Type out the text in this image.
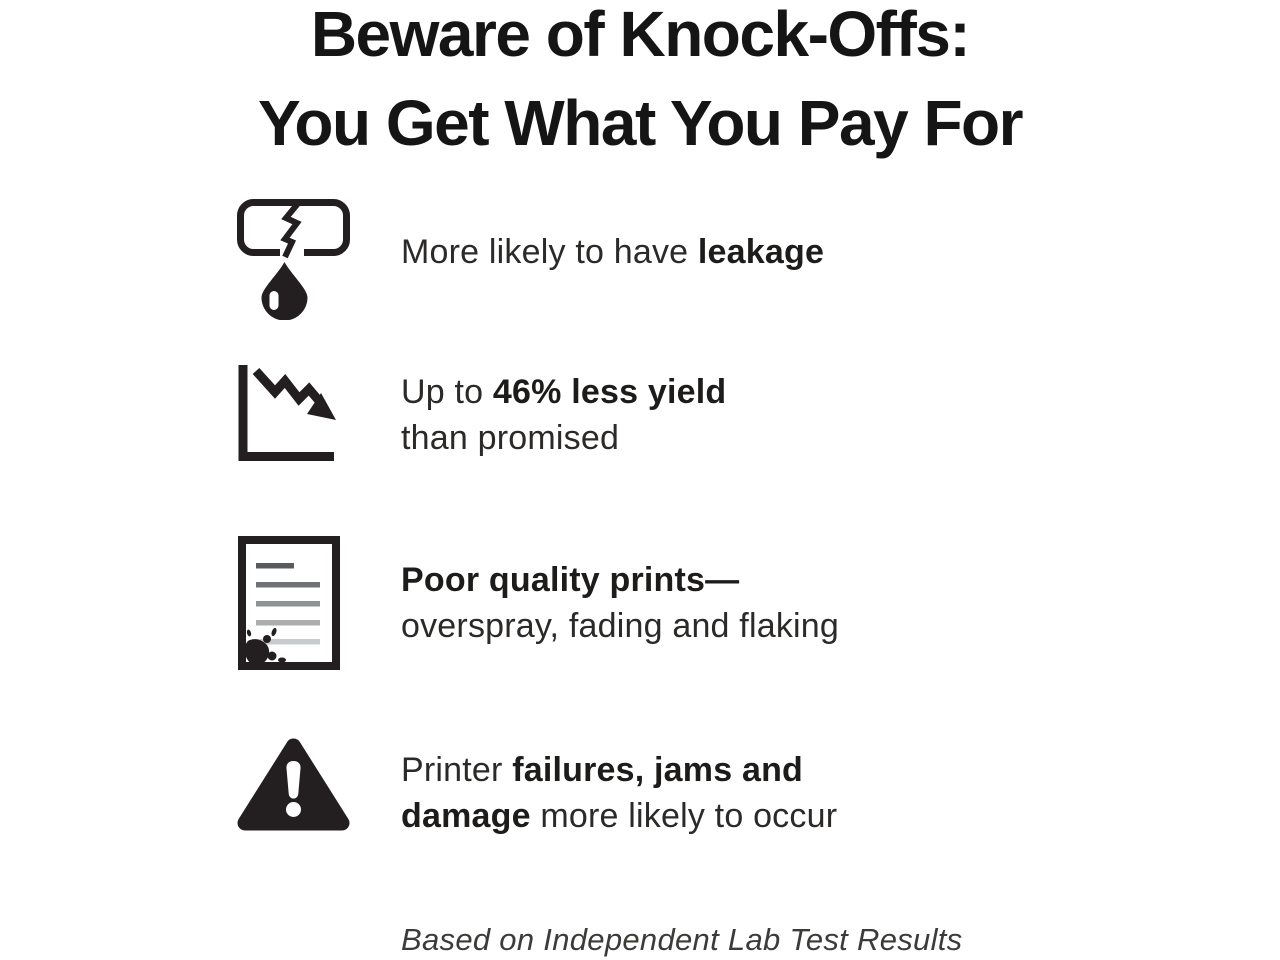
Beware of Knock-Offs:
You Get What You Pay For

More likely to have leakage

Up to 46% less yield
than promised

Poor quality prints—
overspray, fading and flaking

Printer failures, jams and
damage more likely to occur

Based on Independent Lab Test Results
